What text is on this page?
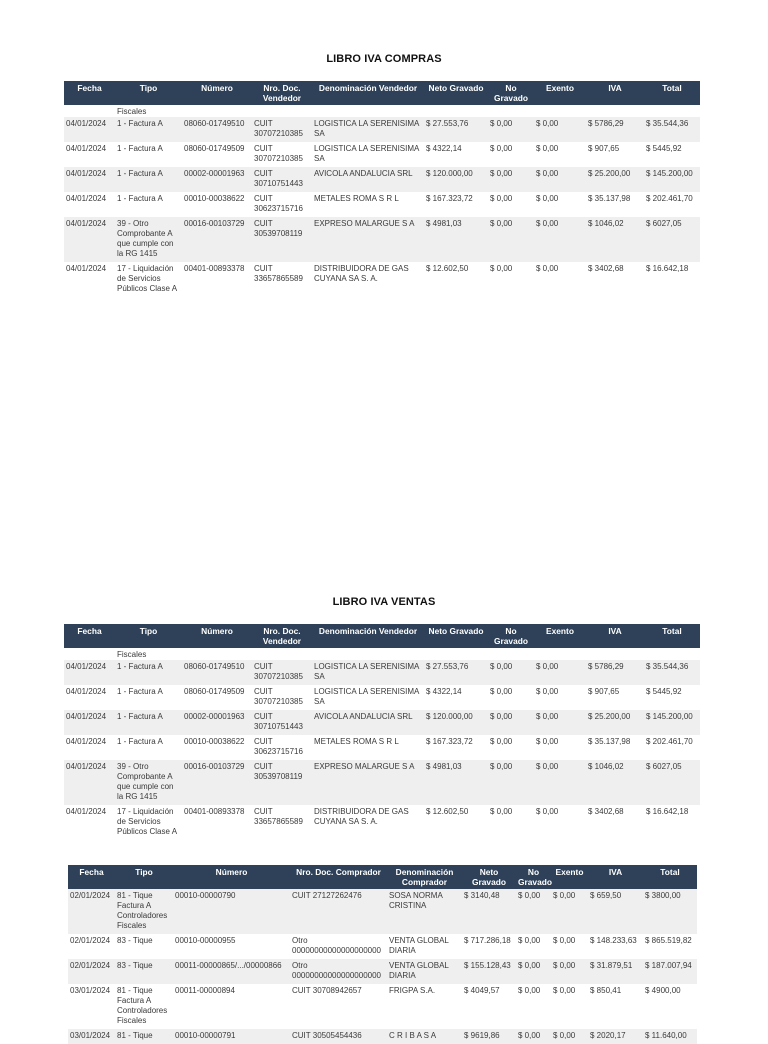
LIBRO IVA COMPRAS
Fecha	Tipo	Número	Nro. Doc. Vendedor	Denominación Vendedor	Neto Gravado	No Gravado	Exento	IVA	Total
	Fiscales								
04/01/2024	1 - Factura A	08060-01749510	CUIT 30707210385	LOGISTICA LA SERENISIMA SA	$ 27.553,76	$ 0,00	$ 0,00	$ 5786,29	$ 35.544,36
04/01/2024	1 - Factura A	08060-01749509	CUIT 30707210385	LOGISTICA LA SERENISIMA SA	$ 4322,14	$ 0,00	$ 0,00	$ 907,65	$ 5445,92
04/01/2024	1 - Factura A	00002-00001963	CUIT 30710751443	AVICOLA ANDALUCIA SRL	$ 120.000,00	$ 0,00	$ 0,00	$ 25.200,00	$ 145.200,00
04/01/2024	1 - Factura A	00010-00038622	CUIT 30623715716	METALES ROMA S R L	$ 167.323,72	$ 0,00	$ 0,00	$ 35.137,98	$ 202.461,70
04/01/2024	39 - Otro Comprobante A que cumple con la RG 1415	00016-00103729	CUIT 30539708119	EXPRESO MALARGUE S A	$ 4981,03	$ 0,00	$ 0,00	$ 1046,02	$ 6027,05
04/01/2024	17 - Liquidación de Servicios Públicos Clase A	00401-00893378	CUIT 33657865589	DISTRIBUIDORA DE GAS CUYANA SA S. A.	$ 12.602,50	$ 0,00	$ 0,00	$ 3402,68	$ 16.642,18
LIBRO IVA VENTAS
Fecha	Tipo	Número	Nro. Doc. Vendedor	Denominación Vendedor	Neto Gravado	No Gravado	Exento	IVA	Total
	Fiscales								
04/01/2024	1 - Factura A	08060-01749510	CUIT 30707210385	LOGISTICA LA SERENISIMA SA	$ 27.553,76	$ 0,00	$ 0,00	$ 5786,29	$ 35.544,36
04/01/2024	1 - Factura A	08060-01749509	CUIT 30707210385	LOGISTICA LA SERENISIMA SA	$ 4322,14	$ 0,00	$ 0,00	$ 907,65	$ 5445,92
04/01/2024	1 - Factura A	00002-00001963	CUIT 30710751443	AVICOLA ANDALUCIA SRL	$ 120.000,00	$ 0,00	$ 0,00	$ 25.200,00	$ 145.200,00
04/01/2024	1 - Factura A	00010-00038622	CUIT 30623715716	METALES ROMA S R L	$ 167.323,72	$ 0,00	$ 0,00	$ 35.137,98	$ 202.461,70
04/01/2024	39 - Otro Comprobante A que cumple con la RG 1415	00016-00103729	CUIT 30539708119	EXPRESO MALARGUE S A	$ 4981,03	$ 0,00	$ 0,00	$ 1046,02	$ 6027,05
04/01/2024	17 - Liquidación de Servicios Públicos Clase A	00401-00893378	CUIT 33657865589	DISTRIBUIDORA DE GAS CUYANA SA S. A.	$ 12.602,50	$ 0,00	$ 0,00	$ 3402,68	$ 16.642,18
Fecha	Tipo	Número	Nro. Doc. Comprador	Denominación Comprador	Neto Gravado	No Gravado	Exento	IVA	Total
02/01/2024	81 - Tique Factura A Controladores Fiscales	00010-00000790	CUIT 27127262476	SOSA NORMA CRISTINA	$ 3140,48	$ 0,00	$ 0,00	$ 659,50	$ 3800,00
02/01/2024	83 - Tique	00010-00000955	Otro 00000000000000000000	VENTA GLOBAL DIARIA	$ 717.286,18	$ 0,00	$ 0,00	$ 148.233,63	$ 865.519,82
02/01/2024	83 - Tique	00011-00000865/.../00000866	Otro 00000000000000000000	VENTA GLOBAL DIARIA	$ 155.128,43	$ 0,00	$ 0,00	$ 31.879,51	$ 187.007,94
03/01/2024	81 - Tique Factura A Controladores Fiscales	00011-00000894	CUIT 30708942657	FRIGPA S.A.	$ 4049,57	$ 0,00	$ 0,00	$ 850,41	$ 4900,00
03/01/2024	81 - Tique	00010-00000791	CUIT 30505454436	C R I B A S A	$ 9619,86	$ 0,00	$ 0,00	$ 2020,17	$ 11.640,00
